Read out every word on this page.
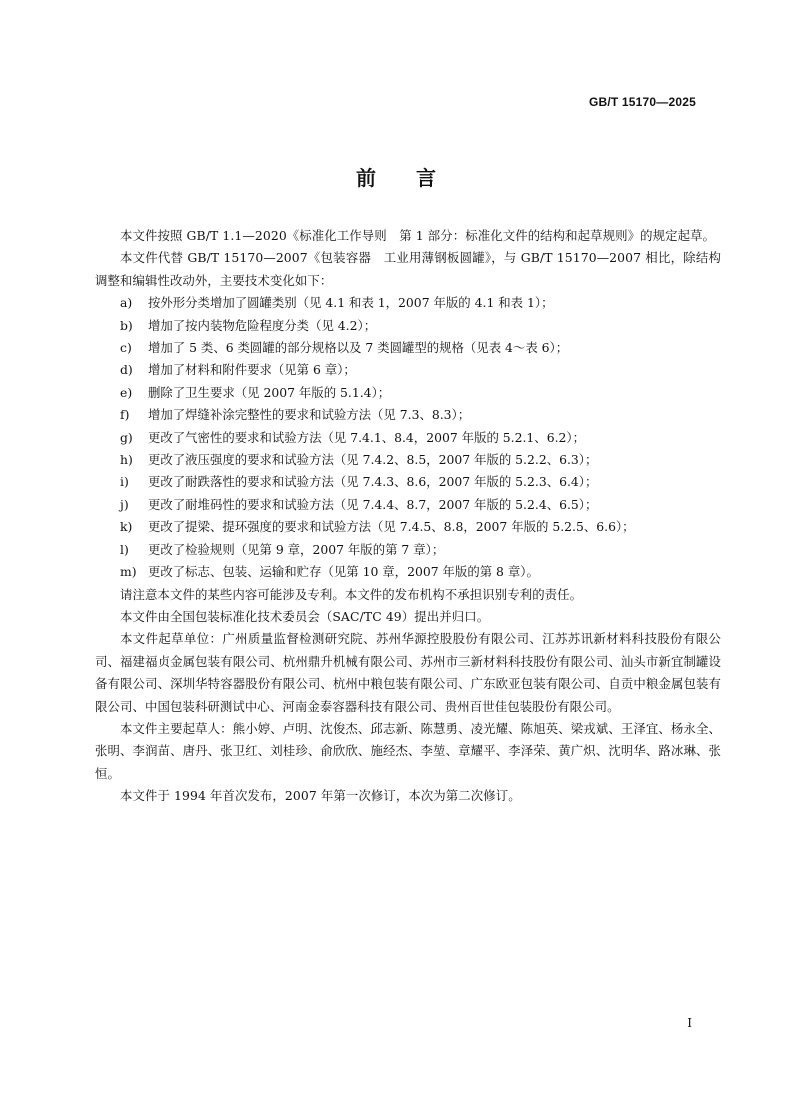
GB/T 15170—2025
前　　言

本文件按照 GB/T 1.1—2020《标准化工作导则　第 1 部分：标准化文件的结构和起草规则》的规定起草。

本文件代替 GB/T 15170—2007《包装容器　工业用薄钢板圆罐》，与 GB/T 15170—2007 相比，除结构调整和编辑性改动外，主要技术变化如下：

a)	按外形分类增加了圆罐类别（见 4.1 和表 1，2007 年版的 4.1 和表 1）；
b)	增加了按内装物危险程度分类（见 4.2）；
c)	增加了 5 类、6 类圆罐的部分规格以及 7 类圆罐型的规格（见表 4～表 6）；
d)	增加了材料和附件要求（见第 6 章）；
e)	删除了卫生要求（见 2007 年版的 5.1.4）；
f)	增加了焊缝补涂完整性的要求和试验方法（见 7.3、8.3）；
g)	更改了气密性的要求和试验方法（见 7.4.1、8.4，2007 年版的 5.2.1、6.2）；
h)	更改了液压强度的要求和试验方法（见 7.4.2、8.5，2007 年版的 5.2.2、6.3）；
i)	更改了耐跌落性的要求和试验方法（见 7.4.3、8.6，2007 年版的 5.2.3、6.4）；
j)	更改了耐堆码性的要求和试验方法（见 7.4.4、8.7，2007 年版的 5.2.4、6.5）；
k)	更改了提梁、提环强度的要求和试验方法（见 7.4.5、8.8，2007 年版的 5.2.5、6.6）；
l)	更改了检验规则（见第 9 章，2007 年版的第 7 章）；
m) 更改了标志、包装、运输和贮存（见第 10 章，2007 年版的第 8 章）。

请注意本文件的某些内容可能涉及专利。本文件的发布机构不承担识别专利的责任。

本文件由全国包装标准化技术委员会（SAC/TC 49）提出并归口。

本文件起草单位：广州质量监督检测研究院、苏州华源控股股份有限公司、江苏苏讯新材料科技股份有限公司、福建福贞金属包装有限公司、杭州鼎升机械有限公司、苏州市三新材料科技股份有限公司、汕头市新宜制罐设备有限公司、深圳华特容器股份有限公司、杭州中粮包装有限公司、广东欧亚包装有限公司、自贡中粮金属包装有限公司、中国包装科研测试中心、河南金泰容器科技有限公司、贵州百世佳包装股份有限公司。

本文件主要起草人：熊小婷、卢明、沈俊杰、邱志新、陈慧勇、凌光耀、陈旭英、梁戎斌、王泽宜、杨永全、张明、李润苗、唐丹、张卫红、刘桂珍、俞欣欣、施经杰、李堃、章耀平、李泽荣、黄广炽、沈明华、路冰琳、张恒。

本文件于 1994 年首次发布，2007 年第一次修订，本次为第二次修订。

I
